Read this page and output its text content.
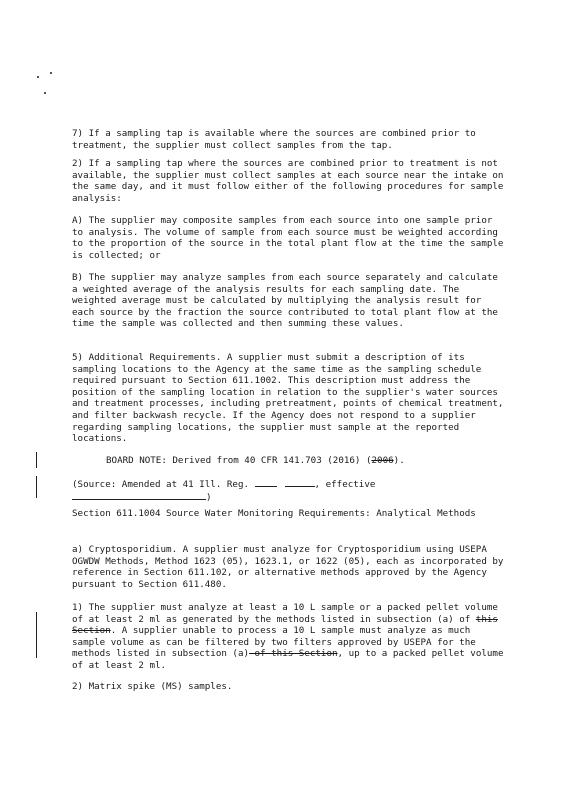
7) If a sampling tap is available where the sources are combined prior to treatment, the supplier must collect samples from the tap.

2) If a sampling tap where the sources are combined prior to treatment is not available, the supplier must collect samples at each source near the intake on the same day, and it must follow either of the following procedures for sample analysis:

A) The supplier may composite samples from each source into one sample prior to analysis. The volume of sample from each source must be weighted according to the proportion of the source in the total plant flow at the time the sample is collected; or

B) The supplier may analyze samples from each source separately and calculate a weighted average of the analysis results for each sampling date. The weighted average must be calculated by multiplying the analysis result for each source by the fraction the source contributed to total plant flow at the time the sample was collected and then summing these values.

5) Additional Requirements. A supplier must submit a description of its sampling locations to the Agency at the same time as the sampling schedule required pursuant to Section 611.1002. This description must address the position of the sampling location in relation to the supplier's water sources and treatment processes, including pretreatment, points of chemical treatment, and filter backwash recycle. If the Agency does not respond to a supplier regarding sampling locations, the supplier must sample at the reported locations.

BOARD NOTE: Derived from 40 CFR 141.703 (2016) (2006).

(Source: Amended at 41 Ill. Reg.	, effective
)

Section 611.1004 Source Water Monitoring Requirements: Analytical Methods

a) Cryptosporidium. A supplier must analyze for Cryptosporidium using USEPA OGWDW Methods, Method 1623 (05), 1623.1, or 1622 (05), each as incorporated by reference in Section 611.102, or alternative methods approved by the Agency pursuant to Section 611.480.

1) The supplier must analyze at least a 10 L sample or a packed pellet volume of at least 2 ml as generated by the methods listed in subsection (a) of this Section. A supplier unable to process a 10 L sample must analyze as much sample volume as can be filtered by two filters approved by USEPA for the methods listed in subsection (a) of this Section, up to a packed pellet volume of at least 2 ml.

2) Matrix spike (MS) samples.
